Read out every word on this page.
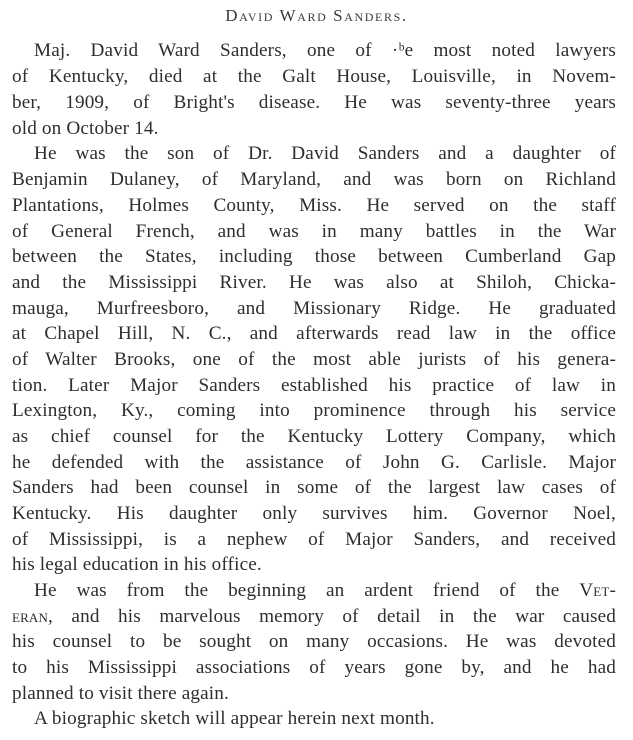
David Ward Sanders.
Maj. David Ward Sanders, one of ·ᵇe most noted lawyers
of Kentucky, died at the Galt House, Louisville, in Novem-
ber, 1909, of Bright's disease. He was seventy-three years
old on October 14.
He was the son of Dr. David Sanders and a daughter of
Benjamin Dulaney, of Maryland, and was born on Richland
Plantations, Holmes County, Miss. He served on the staff
of General French, and was in many battles in the War
between the States, including those between Cumberland Gap
and the Mississippi River. He was also at Shiloh, Chicka-
mauga, Murfreesboro, and Missionary Ridge. He graduated
at Chapel Hill, N. C., and afterwards read law in the office
of Walter Brooks, one of the most able jurists of his genera-
tion. Later Major Sanders established his practice of law in
Lexington, Ky., coming into prominence through his service
as chief counsel for the Kentucky Lottery Company, which
he defended with the assistance of John G. Carlisle. Major
Sanders had been counsel in some of the largest law cases of
Kentucky. His daughter only survives him. Governor Noel,
of Mississippi, is a nephew of Major Sanders, and received
his legal education in his office.
He was from the beginning an ardent friend of the Vet-
eran, and his marvelous memory of detail in the war caused
his counsel to be sought on many occasions. He was devoted
to his Mississippi associations of years gone by, and he had
planned to visit there again.
A biographic sketch will appear herein next month.
